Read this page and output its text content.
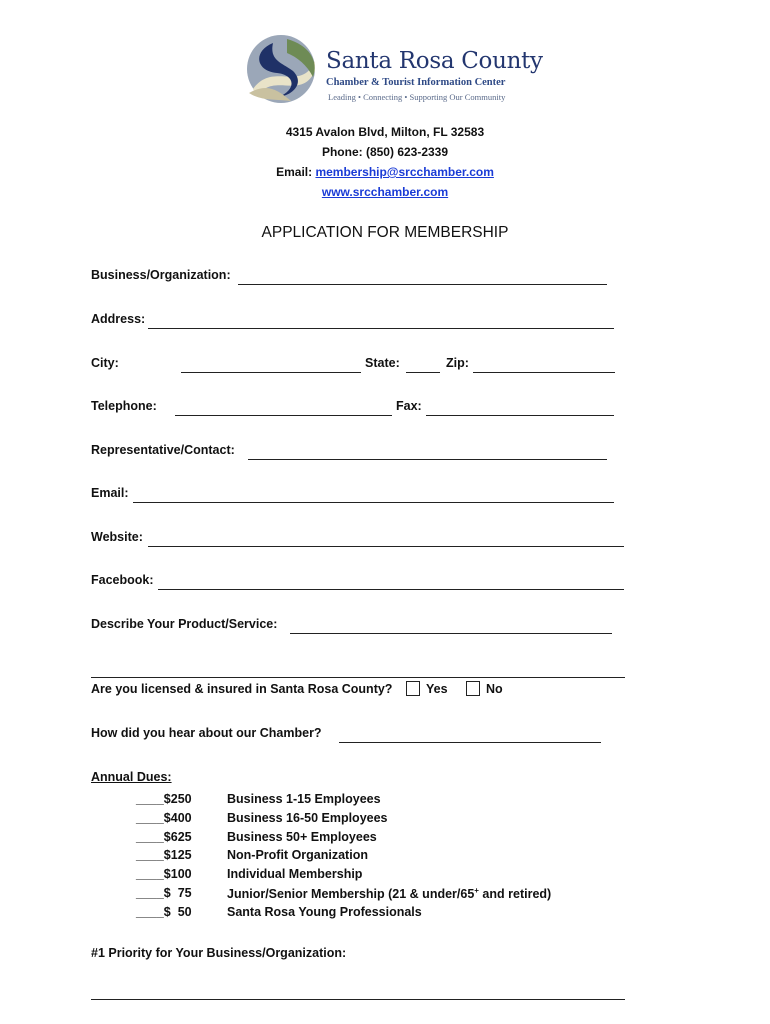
Santa Rosa County
Chamber & Tourist Information Center
Leading • Connecting • Supporting Our Community
4315 Avalon Blvd, Milton, FL 32583
Phone: (850) 623-2339
Email: membership@srcchamber.com
www.srcchamber.com
APPLICATION FOR MEMBERSHIP
Business/Organization:
Address:
City:	State:	Zip:
Telephone:	Fax:
Representative/Contact:
Email:
Website:
Facebook:
Describe Your Product/Service:
Are you licensed & insured in Santa Rosa County?	Yes	No
How did you hear about our Chamber?
Annual Dues:
____$250	Business 1-15 Employees
____$400	Business 16-50 Employees
____$625	Business 50+ Employees
____$125	Non-Profit Organization
____$100	Individual Membership
____$  75	Junior/Senior Membership (21 & under/65+ and retired)
____$  50	Santa Rosa Young Professionals
#1 Priority for Your Business/Organization:
